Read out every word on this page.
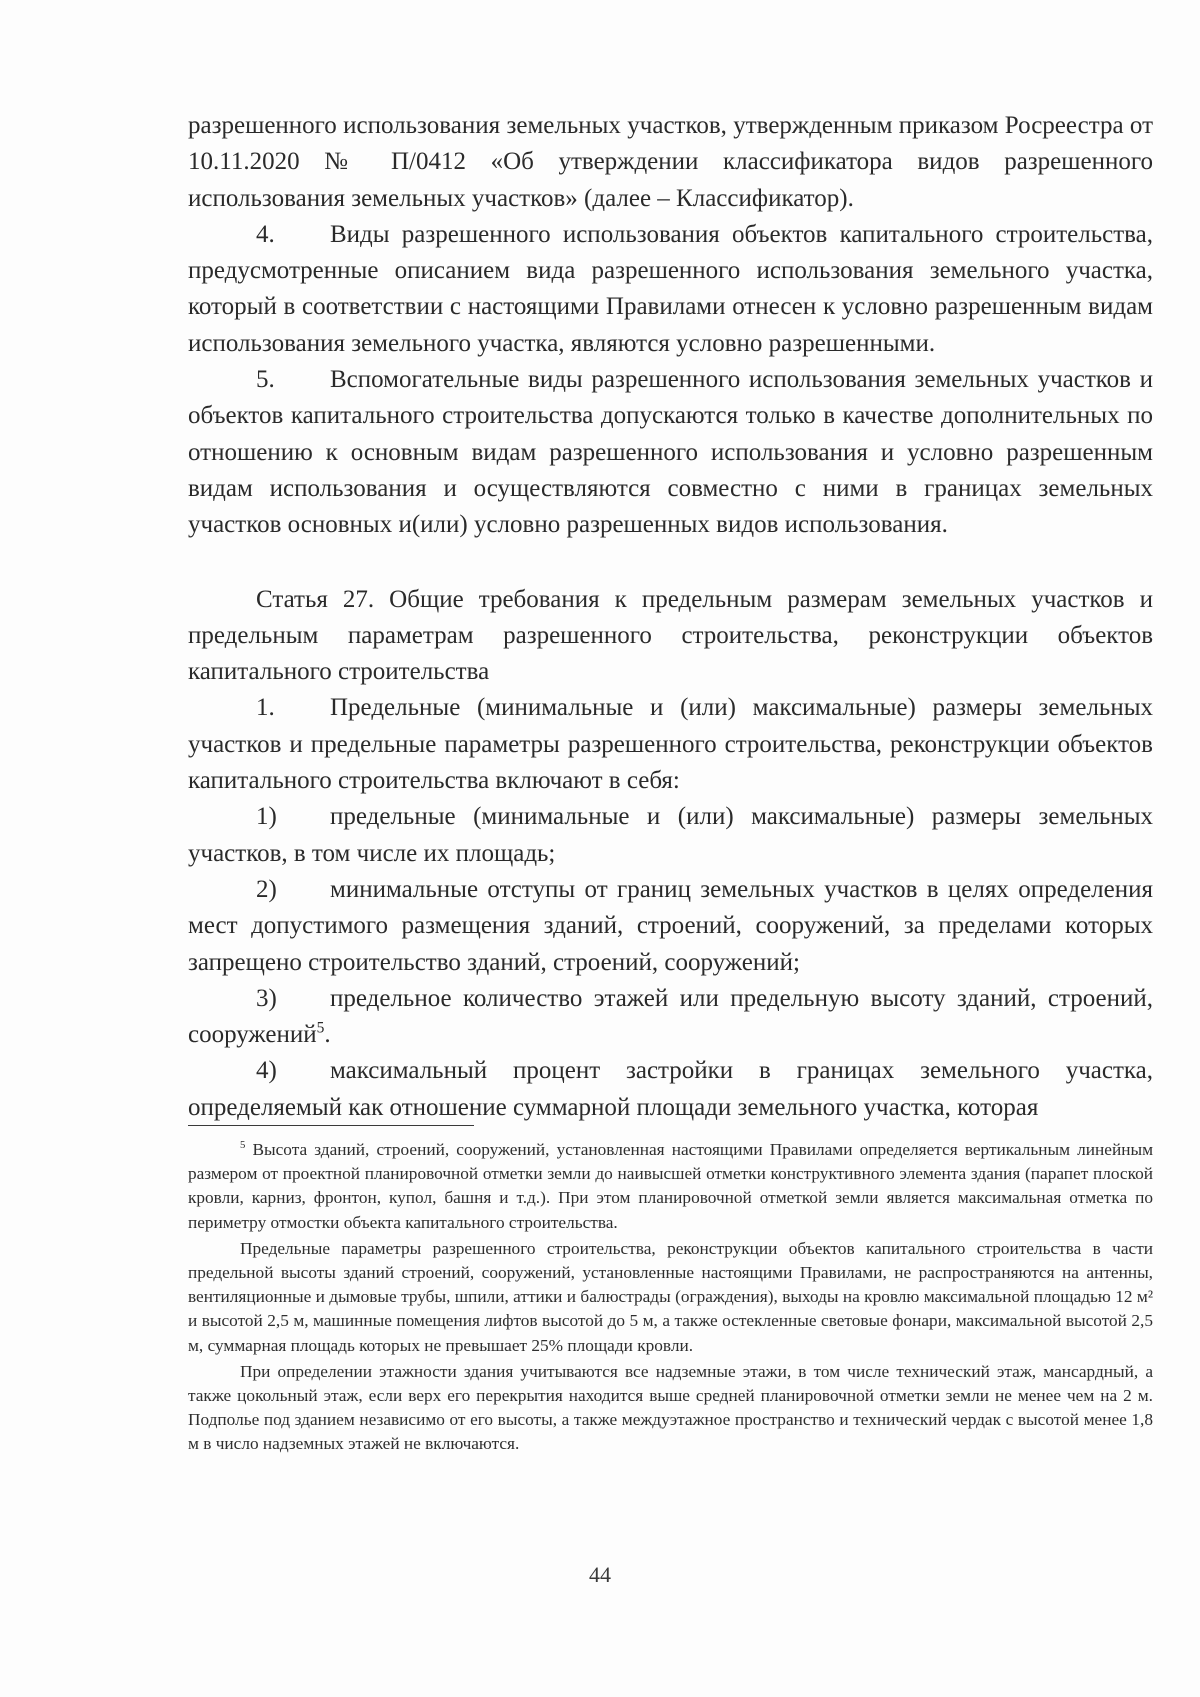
разрешенного использования земельных участков, утвержденным приказом Росреестра от 10.11.2020 № П/0412 «Об утверждении классификатора видов разрешенного использования земельных участков» (далее – Классификатор).

4. Виды разрешенного использования объектов капитального строительства, предусмотренные описанием вида разрешенного использования земельного участка, который в соответствии с настоящими Правилами отнесен к условно разрешенным видам использования земельного участка, являются условно разрешенными.

5. Вспомогательные виды разрешенного использования земельных участков и объектов капитального строительства допускаются только в качестве дополнительных по отношению к основным видам разрешенного использования и условно разрешенным видам использования и осуществляются совместно с ними в границах земельных участков основных и(или) условно разрешенных видов использования.

Статья 27. Общие требования к предельным размерам земельных участков и предельным параметрам разрешенного строительства, реконструкции объектов капитального строительства

1. Предельные (минимальные и (или) максимальные) размеры земельных участков и предельные параметры разрешенного строительства, реконструкции объектов капитального строительства включают в себя:

1) предельные (минимальные и (или) максимальные) размеры земельных участков, в том числе их площадь;

2) минимальные отступы от границ земельных участков в целях определения мест допустимого размещения зданий, строений, сооружений, за пределами которых запрещено строительство зданий, строений, сооружений;

3) предельное количество этажей или предельную высоту зданий, строений, сооружений$^5$.

4) максимальный процент застройки в границах земельного участка, определяемый как отношение суммарной площади земельного участка, которая

$^5$ Высота зданий, строений, сооружений, установленная настоящими Правилами определяется вертикальным линейным размером от проектной планировочной отметки земли до наивысшей отметки конструктивного элемента здания (парапет плоской кровли, карниз, фронтон, купол, башня и т.д.). При этом планировочной отметкой земли является максимальная отметка по периметру отмостки объекта капитального строительства.

Предельные параметры разрешенного строительства, реконструкции объектов капитального строительства в части предельной высоты зданий строений, сооружений, установленные настоящими Правилами, не распространяются на антенны, вентиляционные и дымовые трубы, шпили, аттики и балюстрады (ограждения), выходы на кровлю максимальной площадью 12 м² и высотой 2,5 м, машинные помещения лифтов высотой до 5 м, а также остекленные световые фонари, максимальной высотой 2,5 м, суммарная площадь которых не превышает 25% площади кровли.

При определении этажности здания учитываются все надземные этажи, в том числе технический этаж, мансардный, а также цокольный этаж, если верх его перекрытия находится выше средней планировочной отметки земли не менее чем на 2 м. Подполье под зданием независимо от его высоты, а также междуэтажное пространство и технический чердак с высотой менее 1,8 м в число надземных этажей не включаются.

44
